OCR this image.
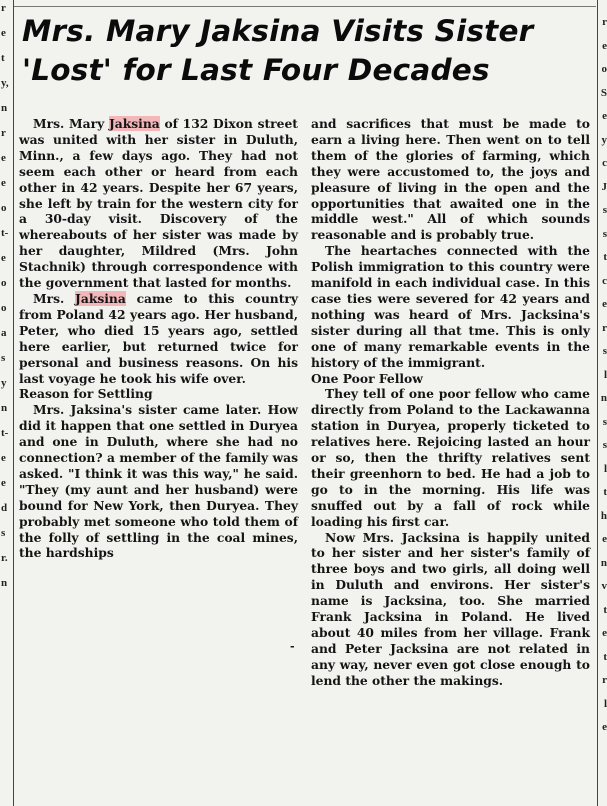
r
e
t
y,
n
r
e
e
o
t-
e
o
o
a
s
y
n
t-
e
e
d
s
r.
n
r
e
o
S
e
y
c
J
s
s
t
c
e
r
s
l
n
s
s
l
t
h
e
n
v
t
e
t
r
l
e
Mrs. Mary Jaksina Visits Sister
'Lost' for Last Four Decades

Mrs. Mary Jaksina of 132 Dixon street was united with her sister in Duluth, Minn., a few days ago. They had not seem each other or heard from each other in 42 years. Despite her 67 years, she left by train for the western city for a 30-day visit. Discovery of the whereabouts of her sister was made by her daughter, Mildred (Mrs. John Stachnik) through correspondence with the government that lasted for months.

Mrs. Jaksina came to this country from Poland 42 years ago. Her husband, Peter, who died 15 years ago, settled here earlier, but returned twice for personal and business reasons. On his last voyage he took his wife over.

Reason for Settling

Mrs. Jaksina's sister came later. How did it happen that one settled in Duryea and one in Duluth, where she had no connection? a member of the family was asked. "I think it was this way," he said. "They (my aunt and her husband) were bound for New York, then Duryea. They probably met someone who told them of the folly of settling in the coal mines, the hardships

-

and sacrifices that must be made to earn a living here. Then went on to tell them of the glories of farming, which they were accustomed to, the joys and pleasure of living in the open and the opportunities that awaited one in the middle west." All of which sounds reasonable and is probably true.

The heartaches connected with the Polish immigration to this country were manifold in each individual case. In this case ties were severed for 42 years and nothing was heard of Mrs. Jacksina's sister during all that tme. This is only one of many remarkable events in the history of the immigrant.

One Poor Fellow

They tell of one poor fellow who came directly from Poland to the Lackawanna station in Duryea, properly ticketed to relatives here. Rejoicing lasted an hour or so, then the thrifty relatives sent their greenhorn to bed. He had a job to go to in the morning. His life was snuffed out by a fall of rock while loading his first car.

Now Mrs. Jacksina is happily united to her sister and her sister's family of three boys and two girls, all doing well in Duluth and environs. Her sister's name is Jacksina, too. She married Frank Jacksina in Poland. He lived about 40 miles from her village. Frank and Peter Jacksina are not related in any way, never even got close enough to lend the other the makings.
